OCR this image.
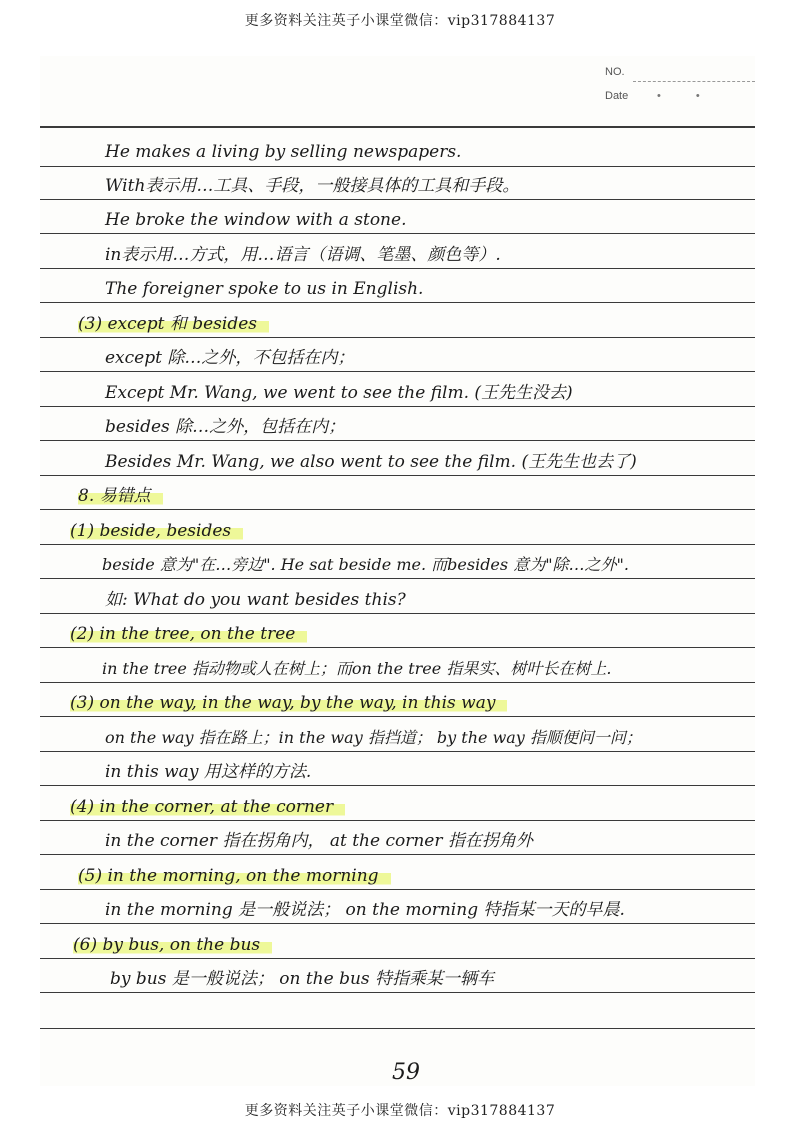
更多资料关注英子小课堂微信：vip317884137
NO.
Date	• •
He makes a living by selling newspapers.
With表示用…工具、手段，一般接具体的工具和手段。
He broke the window with a stone.
in表示用…方式，用…语言（语调、笔墨、颜色等）.
The foreigner spoke to us in English.
(3) except 和 besides
except 除…之外，不包括在内；
Except Mr. Wang, we went to see the film. (王先生没去)
besides 除…之外，包括在内；
Besides Mr. Wang, we also went to see the film. (王先生也去了)
8. 易错点
(1) beside, besides
beside 意为"在…旁边". He sat beside me. 而besides 意为"除…之外".
如: What do you want besides this?
(2) in the tree, on the tree
in the tree 指动物或人在树上；而on the tree 指果实、树叶长在树上.
(3) on the way, in the way, by the way, in this way
on the way 指在路上；in the way 指挡道； by the way 指顺便问一问；
in this way 用这样的方法.
(4) in the corner, at the corner
in the corner 指在拐角内， at the corner 指在拐角外
(5) in the morning, on the morning
in the morning 是一般说法； on the morning 特指某一天的早晨.
(6) by bus, on the bus
by bus 是一般说法； on the bus 特指乘某一辆车
59
更多资料关注英子小课堂微信：vip317884137
